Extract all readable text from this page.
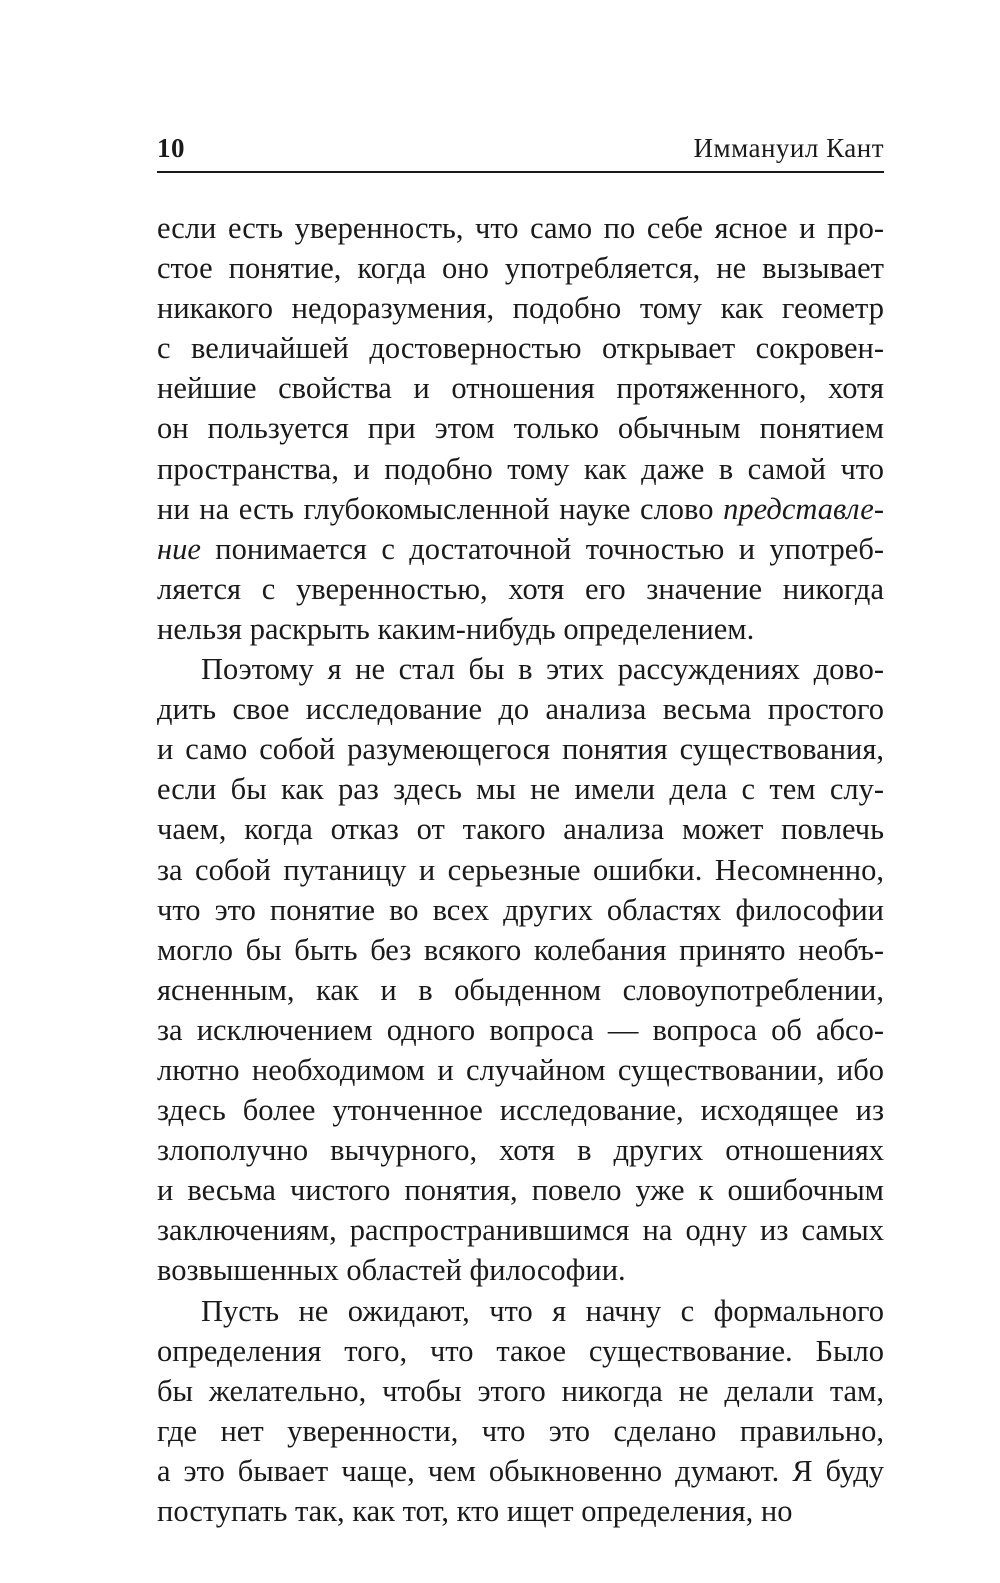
10	Иммануил Кант
если есть уверенность, что само по себе ясное и про-
стое понятие, когда оно употребляется, не вызывает
никакого недоразумения, подобно тому как геометр
с величайшей достоверностью открывает сокровен-
нейшие свойства и отношения протяженного, хотя
он пользуется при этом только обычным понятием
пространства, и подобно тому как даже в самой что
ни на есть глубокомысленной науке слово представле-
ние понимается с достаточной точностью и употреб-
ляется с уверенностью, хотя его значение никогда
нельзя раскрыть каким-нибудь определением.
Поэтому я не стал бы в этих рассуждениях дово-
дить свое исследование до анализа весьма простого
и само собой разумеющегося понятия существования,
если бы как раз здесь мы не имели дела с тем слу-
чаем, когда отказ от такого анализа может повлечь
за собой путаницу и серьезные ошибки. Несомненно,
что это понятие во всех других областях философии
могло бы быть без всякого колебания принято необъ-
ясненным, как и в обыденном словоупотреблении,
за исключением одного вопроса — вопроса об абсо-
лютно необходимом и случайном существовании, ибо
здесь более утонченное исследование, исходящее из
злополучно вычурного, хотя в других отношениях
и весьма чистого понятия, повело уже к ошибочным
заключениям, распространившимся на одну из самых
возвышенных областей философии.
Пусть не ожидают, что я начну с формального
определения того, что такое существование. Было
бы желательно, чтобы этого никогда не делали там,
где нет уверенности, что это сделано правильно,
а это бывает чаще, чем обыкновенно думают. Я буду
поступать так, как тот, кто ищет определения, но
